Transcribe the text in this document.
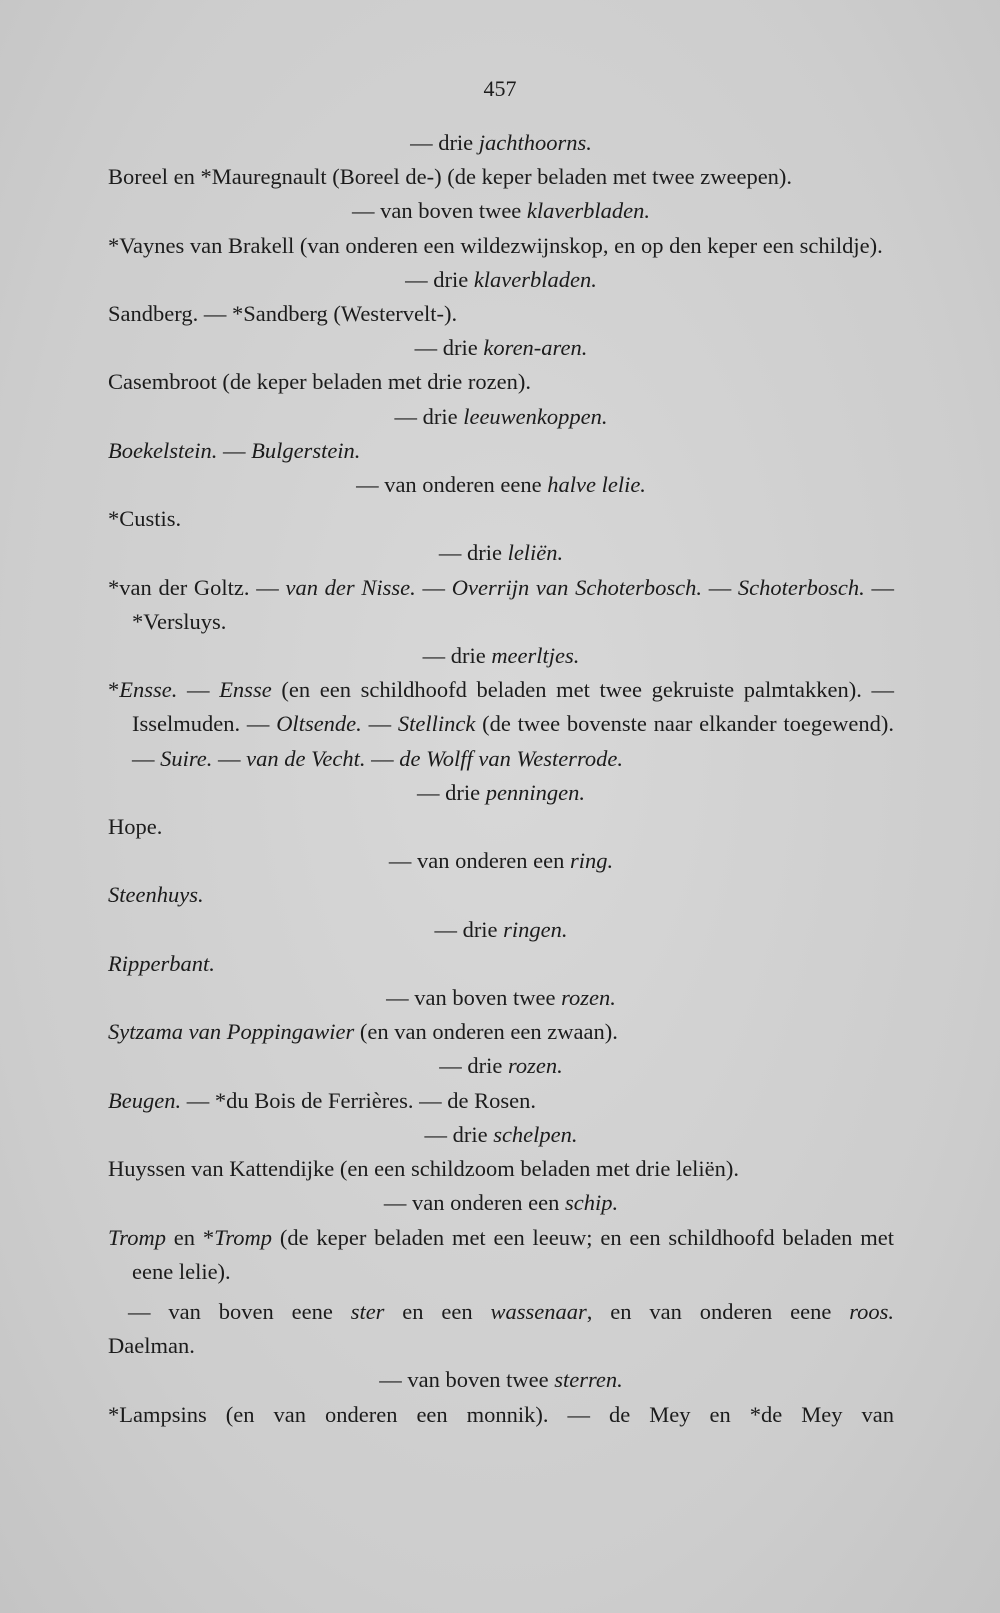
457

— drie jachthoorns.

Boreel en *Mauregnault (Boreel de-) (de keper beladen met twee zweepen).

— van boven twee klaverbladen.

*Vaynes van Brakell (van onderen een wildezwijnskop, en op den keper een schildje).

— drie klaverbladen.

Sandberg. — *Sandberg (Westervelt-).

— drie koren-aren.

Casembroot (de keper beladen met drie rozen).

— drie leeuwenkoppen.

Boekelstein. — Bulgerstein.

— van onderen eene halve lelie.

*Custis.

— drie leliën.

*van der Goltz. — van der Nisse. — Overrijn van Schoterbosch. — Schoterbosch. — *Versluys.

— drie meerltjes.

*Ensse. — Ensse (en een schildhoofd beladen met twee gekruiste palmtakken). — Isselmuden. — Oltsende. — Stellinck (de twee bovenste naar elkander toegewend). — Suire. — van de Vecht. — de Wolff van Westerrode.

— drie penningen.

Hope.

— van onderen een ring.

Steenhuys.

— drie ringen.

Ripperbant.

— van boven twee rozen.

Sytzama van Poppingawier (en van onderen een zwaan).

— drie rozen.

Beugen. — *du Bois de Ferrières. — de Rosen.

— drie schelpen.

Huyssen van Kattendijke (en een schildzoom beladen met drie leliën).

— van onderen een schip.

Tromp en *Tromp (de keper beladen met een leeuw; en een schildhoofd beladen met eene lelie).

— van boven eene ster en een wassenaar, en van onderen eene roos.

Daelman.

— van boven twee sterren.

*Lampsins (en van onderen een monnik). — de Mey en *de Mey van
